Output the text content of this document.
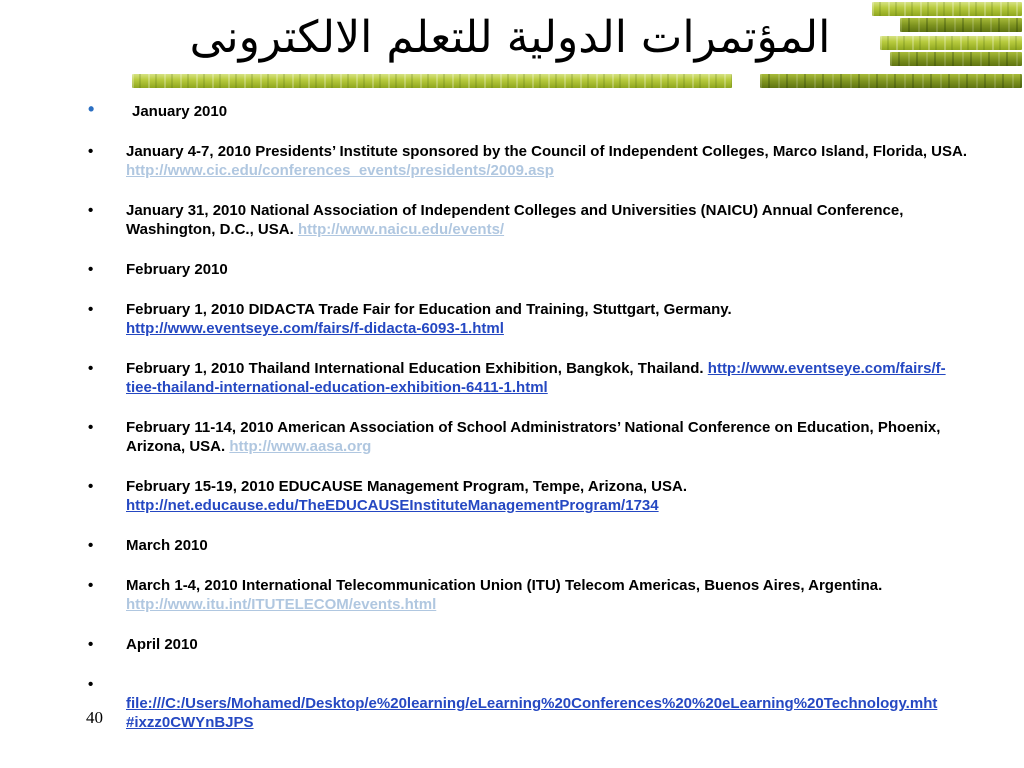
المؤتمرات الدولية للتعلم الالكترونى
•	January 2010
• January 4-7, 2010 Presidents’ Institute sponsored by the Council of Independent Colleges, Marco Island, Florida, USA. http://www.cic.edu/conferences_events/presidents/2009.asp
• January 31, 2010 National Association of Independent Colleges and Universities (NAICU) Annual Conference, Washington, D.C., USA. http://www.naicu.edu/events/
• February 2010
• February 1, 2010 DIDACTA Trade Fair for Education and Training, Stuttgart, Germany. http://www.eventseye.com/fairs/f-didacta-6093-1.html
• February 1, 2010 Thailand International Education Exhibition, Bangkok, Thailand. http://www.eventseye.com/fairs/f-tiee-thailand-international-education-exhibition-6411-1.html
• February 11-14, 2010 American Association of School Administrators’ National Conference on Education, Phoenix, Arizona, USA. http://www.aasa.org
• February 15-19, 2010 EDUCAUSE Management Program, Tempe, Arizona, USA. http://net.educause.edu/TheEDUCAUSEInstituteManagementProgram/1734
• March 2010
• March 1-4, 2010 International Telecommunication Union (ITU) Telecom Americas, Buenos Aires, Argentina. http://www.itu.int/ITUTELECOM/events.html
• April 2010
•
file:///C:/Users/Mohamed/Desktop/e%20learning/eLearning%20Conferences%20%20eLearning%20Technology.mht#ixzz0CWYnBJPS
40
